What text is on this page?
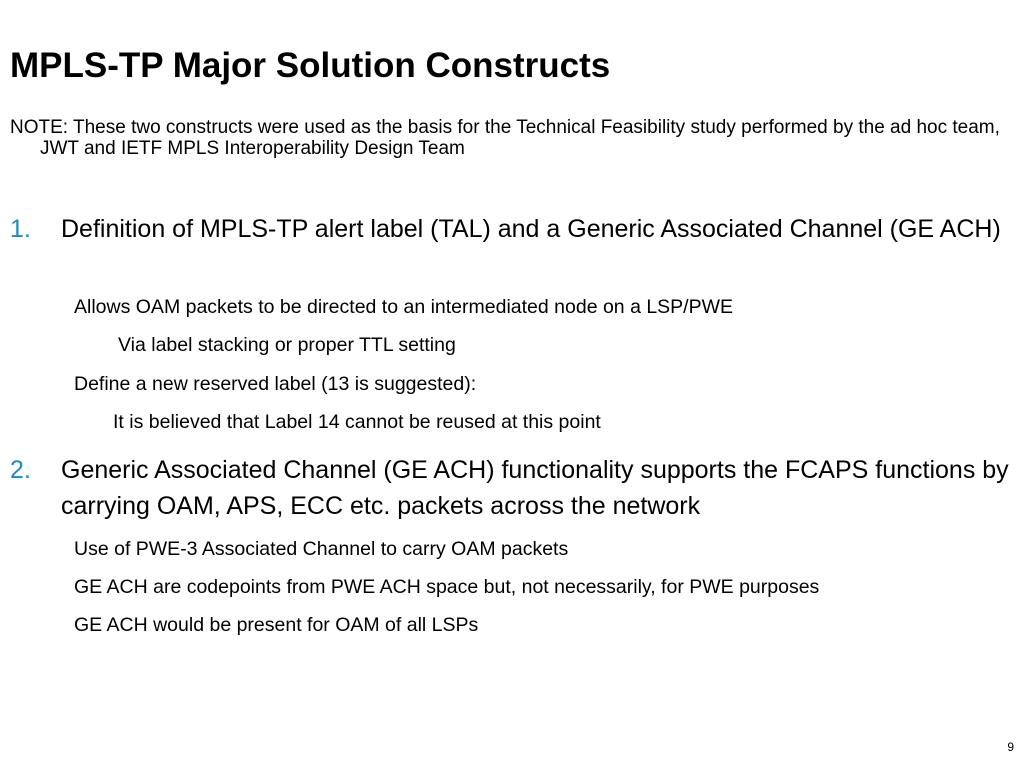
MPLS-TP Major Solution Constructs
NOTE: These two constructs were used as the basis for the Technical Feasibility study performed by the ad hoc team, JWT and IETF MPLS Interoperability Design Team
1. Definition of MPLS-TP alert label (TAL) and a Generic Associated Channel (GE ACH)
Allows OAM packets to be directed to an intermediated node on a LSP/PWE
Via label stacking or proper TTL setting
Define a new reserved label (13 is suggested):
It is believed that Label 14 cannot be reused at this point
2. Generic Associated Channel (GE ACH) functionality supports the FCAPS functions by carrying OAM, APS, ECC etc. packets across the network
Use of PWE-3 Associated Channel to carry OAM packets
GE ACH are codepoints from PWE ACH space but, not necessarily, for PWE purposes
GE ACH would be present for OAM of all LSPs
9
